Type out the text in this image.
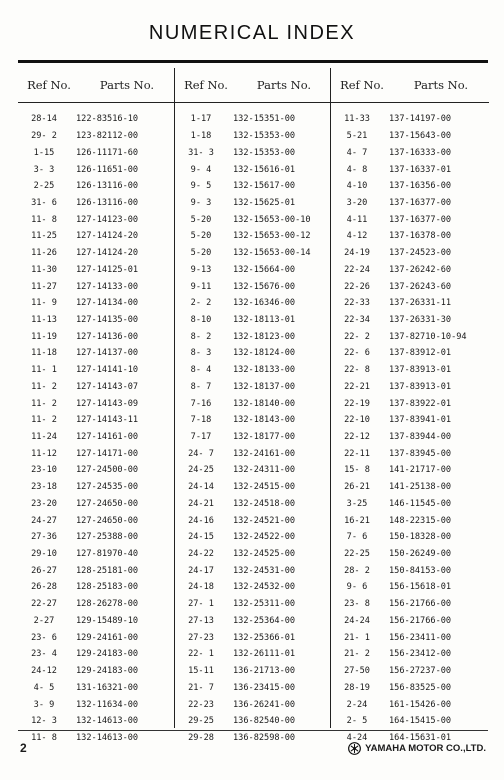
NUMERICAL INDEX
Ref No.	Parts No.
28-14	122-83516-10
29- 2	123-82112-00
1-15	126-11171-60
3- 3	126-11651-00
2-25	126-13116-00
31- 6	126-13116-00
11- 8	127-14123-00
11-25	127-14124-20
11-26	127-14124-20
11-30	127-14125-01
11-27	127-14133-00
11- 9	127-14134-00
11-13	127-14135-00
11-19	127-14136-00
11-18	127-14137-00
11- 1	127-14141-10
11- 2	127-14143-07
11- 2	127-14143-09
11- 2	127-14143-11
11-24	127-14161-00
11-12	127-14171-00
23-10	127-24500-00
23-18	127-24535-00
23-20	127-24650-00
24-27	127-24650-00
27-36	127-25388-00
29-10	127-81970-40
26-27	128-25181-00
26-28	128-25183-00
22-27	128-26278-00
2-27	129-15489-10
23- 6	129-24161-00
23- 4	129-24183-00
24-12	129-24183-00
4- 5	131-16321-00
3- 9	132-11634-00
12- 3	132-14613-00
11- 8	132-14613-00
Ref No.	Parts No.
1-17	132-15351-00
1-18	132-15353-00
31- 3	132-15353-00
9- 4	132-15616-01
9- 5	132-15617-00
9- 3	132-15625-01
5-20	132-15653-00-10
5-20	132-15653-00-12
5-20	132-15653-00-14
9-13	132-15664-00
9-11	132-15676-00
2- 2	132-16346-00
8-10	132-18113-01
8- 2	132-18123-00
8- 3	132-18124-00
8- 4	132-18133-00
8- 7	132-18137-00
7-16	132-18140-00
7-18	132-18143-00
7-17	132-18177-00
24- 7	132-24161-00
24-25	132-24311-00
24-14	132-24515-00
24-21	132-24518-00
24-16	132-24521-00
24-15	132-24522-00
24-22	132-24525-00
24-17	132-24531-00
24-18	132-24532-00
27- 1	132-25311-00
27-13	132-25364-00
27-23	132-25366-01
22- 1	132-26111-01
15-11	136-21713-00
21- 7	136-23415-00
22-23	136-26241-00
29-25	136-82540-00
29-28	136-82598-00
Ref No.	Parts No.
11-33	137-14197-00
5-21	137-15643-00
4- 7	137-16333-00
4- 8	137-16337-01
4-10	137-16356-00
3-20	137-16377-00
4-11	137-16377-00
4-12	137-16378-00
24-19	137-24523-00
22-24	137-26242-60
22-26	137-26243-60
22-33	137-26331-11
22-34	137-26331-30
22- 2	137-82710-10-94
22- 6	137-83912-01
22- 8	137-83913-01
22-21	137-83913-01
22-19	137-83922-01
22-10	137-83941-01
22-12	137-83944-00
22-11	137-83945-00
15- 8	141-21717-00
26-21	141-25138-00
3-25	146-11545-00
16-21	148-22315-00
7- 6	150-18328-00
22-25	150-26249-00
28- 2	150-84153-00
9- 6	156-15618-01
23- 8	156-21766-00
24-24	156-21766-00
21- 1	156-23411-00
21- 2	156-23412-00
27-50	156-27237-00
28-19	156-83525-00
2-24	161-15426-00
2- 5	164-15415-00
4-24	164-15631-01
2	YAMAHA MOTOR CO.,LTD.
